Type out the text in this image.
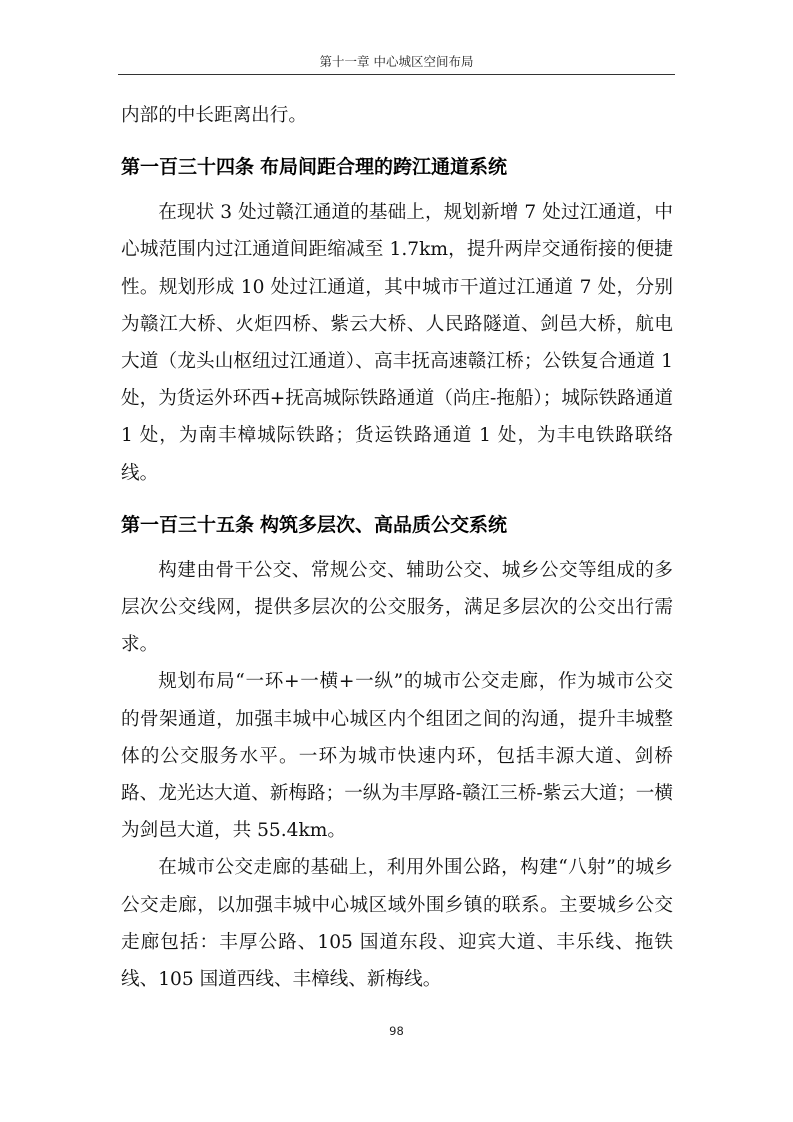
第十一章 中心城区空间布局

内部的中长距离出行。

第一百三十四条 布局间距合理的跨江通道系统

在现状 3 处过赣江通道的基础上，规划新增 7 处过江通道，中心城范围内过江通道间距缩减至 1.7km，提升两岸交通衔接的便捷性。规划形成 10 处过江通道，其中城市干道过江通道 7 处，分别为赣江大桥、火炬四桥、紫云大桥、人民路隧道、剑邑大桥，航电大道（龙头山枢纽过江通道）、高丰抚高速赣江桥；公铁复合通道 1 处，为货运外环西+抚高城际铁路通道（尚庄-拖船）；城际铁路通道 1 处，为南丰樟城际铁路；货运铁路通道 1 处，为丰电铁路联络线。

第一百三十五条 构筑多层次、高品质公交系统

构建由骨干公交、常规公交、辅助公交、城乡公交等组成的多层次公交线网，提供多层次的公交服务，满足多层次的公交出行需求。

规划布局“一环+一横+一纵”的城市公交走廊，作为城市公交的骨架通道，加强丰城中心城区内个组团之间的沟通，提升丰城整体的公交服务水平。一环为城市快速内环，包括丰源大道、剑桥路、龙光达大道、新梅路；一纵为丰厚路-赣江三桥-紫云大道；一横为剑邑大道，共 55.4km。

在城市公交走廊的基础上，利用外围公路，构建“八射”的城乡公交走廊，以加强丰城中心城区域外围乡镇的联系。主要城乡公交走廊包括：丰厚公路、105 国道东段、迎宾大道、丰乐线、拖铁线、105 国道西线、丰樟线、新梅线。

98
